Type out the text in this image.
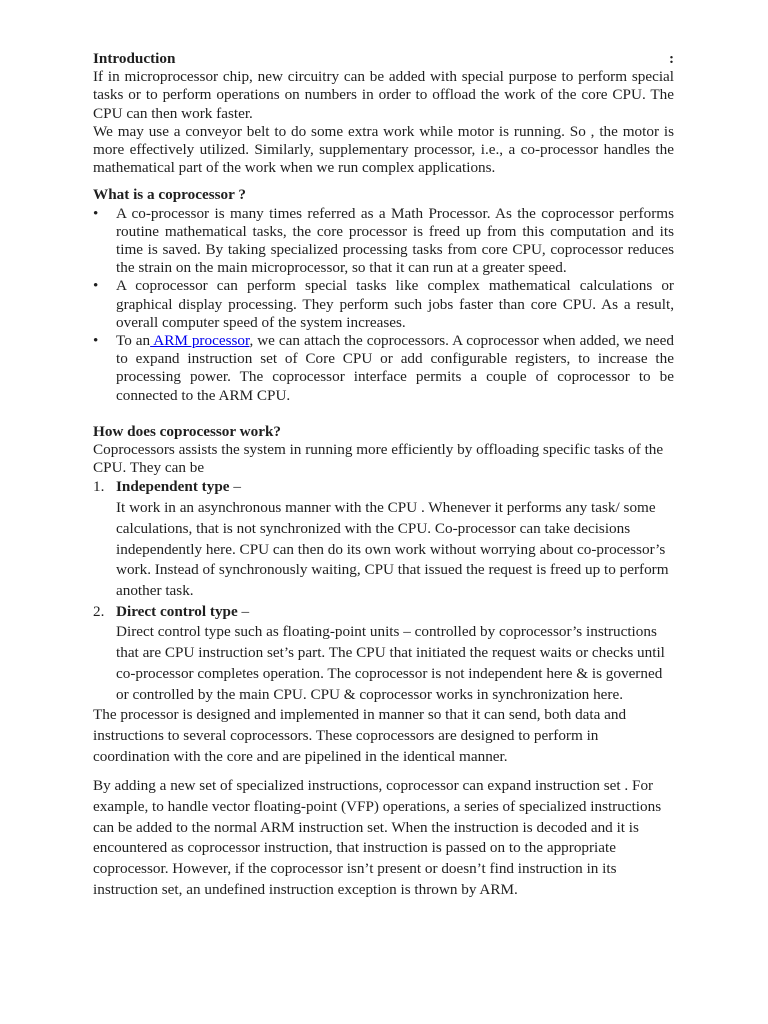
Introduction	:

If in microprocessor chip, new circuitry can be added with special purpose to perform special tasks or to perform operations on numbers in order to offload the work of the core CPU. The CPU can then work faster.

We may use a conveyor belt to do some extra work while motor is running. So , the motor is more effectively utilized. Similarly, supplementary processor, i.e., a co-processor handles the mathematical part of the work when we run complex applications.

What is a coprocessor ?

• A co-processor is many times referred as a Math Processor. As the coprocessor performs routine mathematical tasks, the core processor is freed up from this computation and its time is saved. By taking specialized processing tasks from core CPU, coprocessor reduces the strain on the main microprocessor, so that it can run at a greater speed.
• A coprocessor can perform special tasks like complex mathematical calculations or graphical display processing. They perform such jobs faster than core CPU. As a result, overall computer speed of the system increases.
• To an ARM processor, we can attach the coprocessors. A coprocessor when added, we need to expand instruction set of Core CPU or add configurable registers, to increase the processing power. The coprocessor interface permits a couple of coprocessor to be connected to the ARM CPU.

How does coprocessor work?

Coprocessors assists the system in running more efficiently by offloading specific tasks of the CPU. They can be

1. Independent type –
It work in an asynchronous manner with the CPU . Whenever it performs any task/ some calculations, that is not synchronized with the CPU. Co-processor can take decisions independently here. CPU can then do its own work without worrying about co-processor’s work. Instead of synchronously waiting, CPU that issued the request is freed up to perform another task.
2. Direct control type –
Direct control type such as floating-point units – controlled by coprocessor’s instructions that are CPU instruction set’s part. The CPU that initiated the request waits or checks until co-processor completes operation. The coprocessor is not independent here & is governed or controlled by the main CPU. CPU & coprocessor works in synchronization here.

The processor is designed and implemented in manner so that it can send, both data and instructions to several coprocessors. These coprocessors are designed to perform in coordination with the core and are pipelined in the identical manner.

By adding a new set of specialized instructions, coprocessor can expand instruction set . For example, to handle vector floating-point (VFP) operations, a series of specialized instructions can be added to the normal ARM instruction set. When the instruction is decoded and it is encountered as coprocessor instruction, that instruction is passed on to the appropriate coprocessor. However, if the coprocessor isn’t present or doesn’t find instruction in its instruction set, an undefined instruction exception is thrown by ARM.
